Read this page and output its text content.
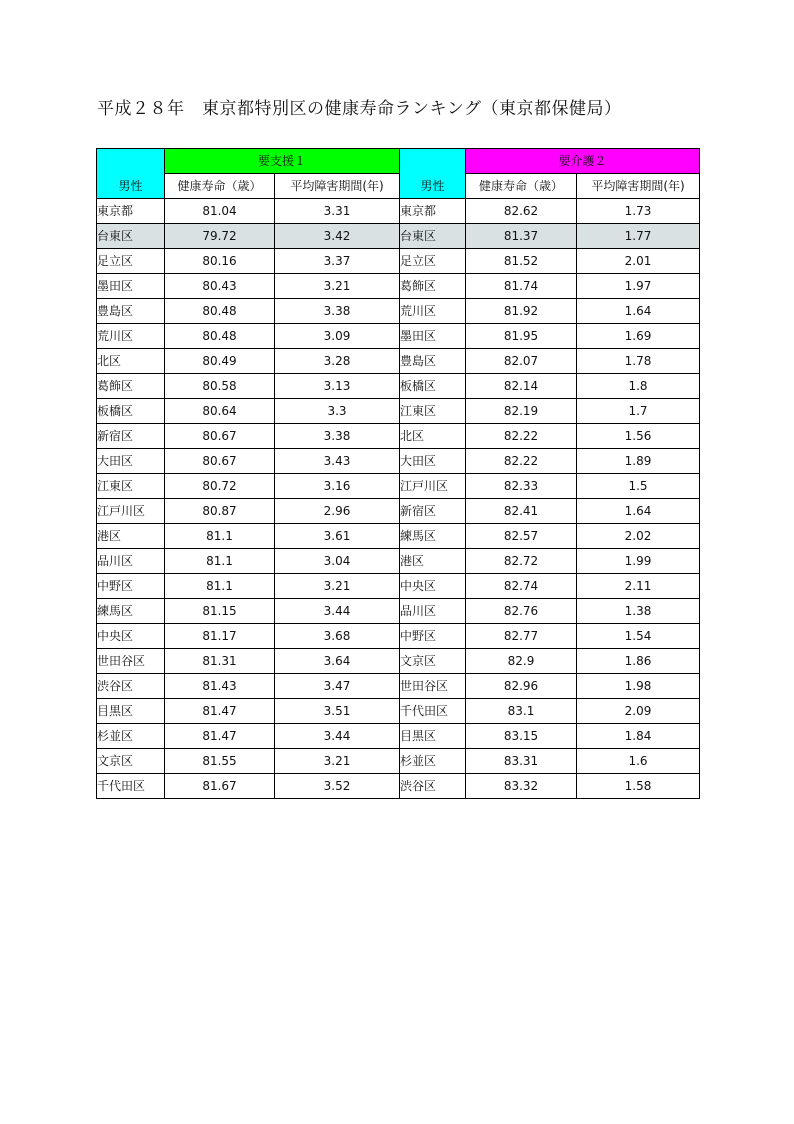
平成２８年　東京都特別区の健康寿命ランキング（東京都保健局）
男性	要支援１		男性	要介護２	
	健康寿命（歳）	平均障害期間(年)		健康寿命（歳）	平均障害期間(年)
東京都	81.04	3.31	東京都	82.62	1.73
台東区	79.72	3.42	台東区	81.37	1.77
足立区	80.16	3.37	足立区	81.52	2.01
墨田区	80.43	3.21	葛飾区	81.74	1.97
豊島区	80.48	3.38	荒川区	81.92	1.64
荒川区	80.48	3.09	墨田区	81.95	1.69
北区	80.49	3.28	豊島区	82.07	1.78
葛飾区	80.58	3.13	板橋区	82.14	1.8
板橋区	80.64	3.3	江東区	82.19	1.7
新宿区	80.67	3.38	北区	82.22	1.56
大田区	80.67	3.43	大田区	82.22	1.89
江東区	80.72	3.16	江戸川区	82.33	1.5
江戸川区	80.87	2.96	新宿区	82.41	1.64
港区	81.1	3.61	練馬区	82.57	2.02
品川区	81.1	3.04	港区	82.72	1.99
中野区	81.1	3.21	中央区	82.74	2.11
練馬区	81.15	3.44	品川区	82.76	1.38
中央区	81.17	3.68	中野区	82.77	1.54
世田谷区	81.31	3.64	文京区	82.9	1.86
渋谷区	81.43	3.47	世田谷区	82.96	1.98
目黒区	81.47	3.51	千代田区	83.1	2.09
杉並区	81.47	3.44	目黒区	83.15	1.84
文京区	81.55	3.21	杉並区	83.31	1.6
千代田区	81.67	3.52	渋谷区	83.32	1.58
